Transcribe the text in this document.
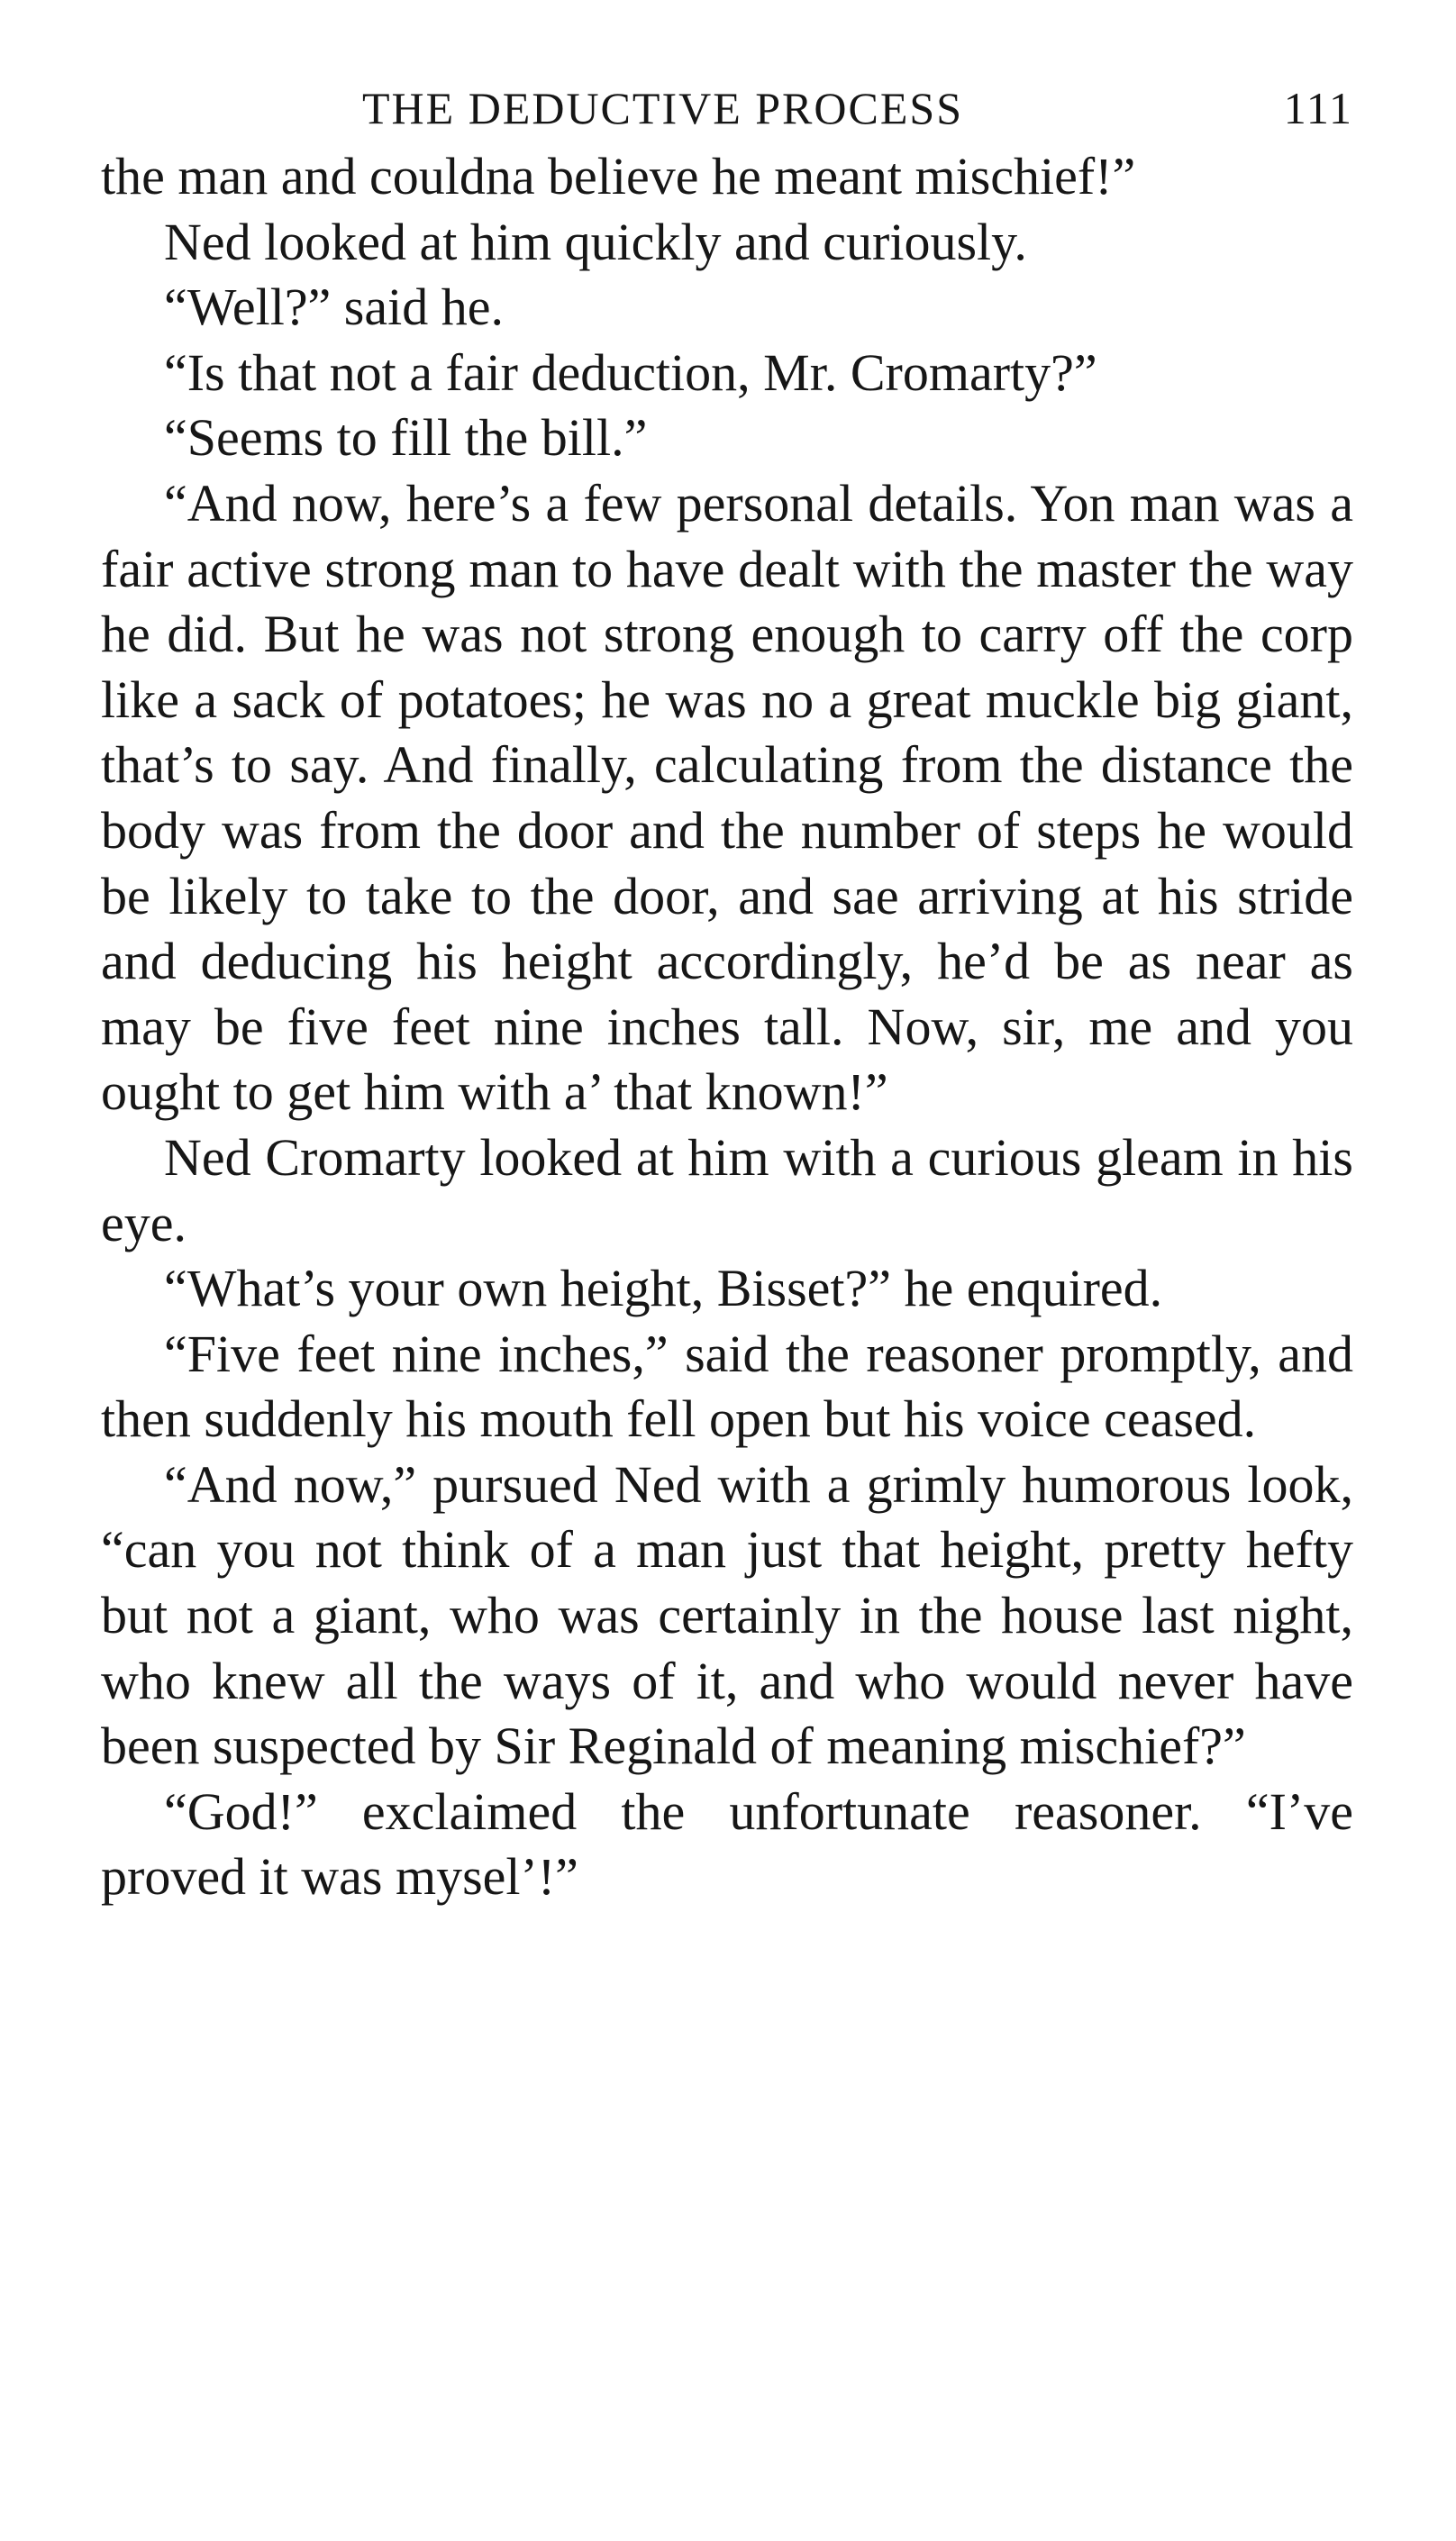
THE DEDUCTIVE PROCESS	111

the man and couldna believe he meant mischief!”

Ned looked at him quickly and curiously.

“Well?” said he.

“Is that not a fair deduction, Mr. Cromarty?”

“Seems to fill the bill.”

“And now, here’s a few personal details. Yon man was a fair active strong man to have dealt with the master the way he did. But he was not strong enough to carry off the corp like a sack of potatoes; he was no a great muckle big giant, that’s to say. And finally, calculating from the distance the body was from the door and the number of steps he would be likely to take to the door, and sae arriving at his stride and deducing his height accordingly, he’d be as near as may be five feet nine inches tall. Now, sir, me and you ought to get him with a’ that known!”

Ned Cromarty looked at him with a curious gleam in his eye.

“What’s your own height, Bisset?” he enquired.

“Five feet nine inches,” said the reasoner promptly, and then suddenly his mouth fell open but his voice ceased.

“And now,” pursued Ned with a grimly humorous look, “can you not think of a man just that height, pretty hefty but not a giant, who was certainly in the house last night, who knew all the ways of it, and who would never have been suspected by Sir Reginald of meaning mischief?”

“God!” exclaimed the unfortunate reasoner. “I’ve proved it was mysel’!”
